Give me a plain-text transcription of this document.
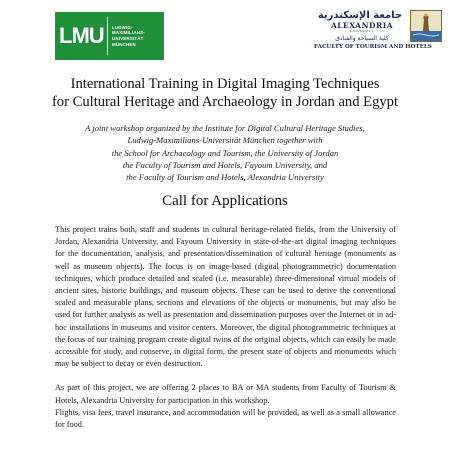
LMU	LUDWIG-
MAXIMILIANS-
UNIVERSITÄT
MÜNCHEN
جامعة الإسكندرية
ALEXANDRIA
UNIVERSITY
كلية السياحة والفنادق
FACULTY OF TOURISM AND HOTELS
International Training in Digital Imaging Techniques
for Cultural Heritage and Archaeology in Jordan and Egypt
A joint workshop organized by the Institute for Digital Cultural Heritage Studies,
Ludwig-Maximilians-Universität München together with
the School for Archaeology and Tourism, the University of Jordan
the Faculty of Tourism and Hotels, Fayoum University, and
the Faculty of Tourism and Hotels, Alexandria University
Call for Applications

This project trains both, staff and students in cultural heritage-related fields, from the University of Jordan, Alexandria University, and Fayoum University in state-of-the-art digital imaging techniques for the documentation, analysis, and presentation/dissemination of cultural heritage (monuments as well as museum objects). The focus is on image-based (digital photogrammetric) documentation techniques, which produce detailed and scaled (i.e. measurable) three-dimensional virtual models of ancient sites, historic buildings, and museum objects. These can be used to derive the conventional scaled and measurable plans, sections and elevations of the objects or monuments, but may also be used for further analysis as well as presentation and dissemination purposes over the Internet or in ad-hoc installations in museums and visitor centers. Moreover, the digital photogrammetric techniques at the focus of our training program create digital twins of the original objects, which can easily be made accessible for study, and conserve, in digital form, the present state of objects and monuments which may be subject to decay or even destruction.

As part of this project, we are offering 2 places to BA or MA students from Faculty of Tourism & Hotels, Alexandria University for participation in this workshop.

Flights, visa fees, travel insurance, and accommodation will be provided, as well as a small allowance for food.
